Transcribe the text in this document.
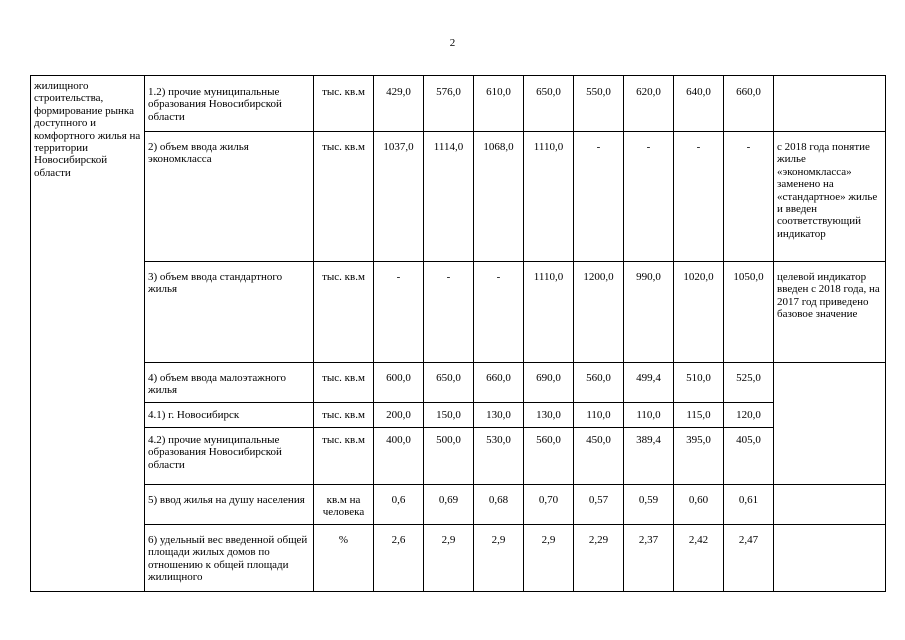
2
жилищного строительства, формирование рынка доступного и комфортного жилья на территории Новосибирской области	1.2) прочие муниципальные образования Новосибирской области	тыс. кв.м	429,0	576,0	610,0	650,0	550,0	620,0	640,0	660,0	
	2) объем ввода жилья экономкласса	тыс. кв.м	1037,0	1114,0	1068,0	1110,0	-	-	-	-	с 2018 года понятие жилье «экономкласса» заменено на «стандартное» жилье и введен соответствующий индикатор
	3) объем ввода стандартного жилья	тыс. кв.м	-	-	-	1110,0	1200,0	990,0	1020,0	1050,0	целевой индикатор введен с 2018 года, на 2017 год приведено базовое значение
	4) объем ввода малоэтажного жилья	тыс. кв.м	600,0	650,0	660,0	690,0	560,0	499,4	510,0	525,0	
	4.1) г. Новосибирск	тыс. кв.м	200,0	150,0	130,0	130,0	110,0	110,0	115,0	120,0	
	4.2) прочие муниципальные образования Новосибирской области	тыс. кв.м	400,0	500,0	530,0	560,0	450,0	389,4	395,0	405,0	
	5) ввод жилья на душу населения	кв.м на человека	0,6	0,69	0,68	0,70	0,57	0,59	0,60	0,61	
	6) удельный вес введенной общей площади жилых домов по отношению к общей площади жилищного	%	2,6	2,9	2,9	2,9	2,29	2,37	2,42	2,47	
